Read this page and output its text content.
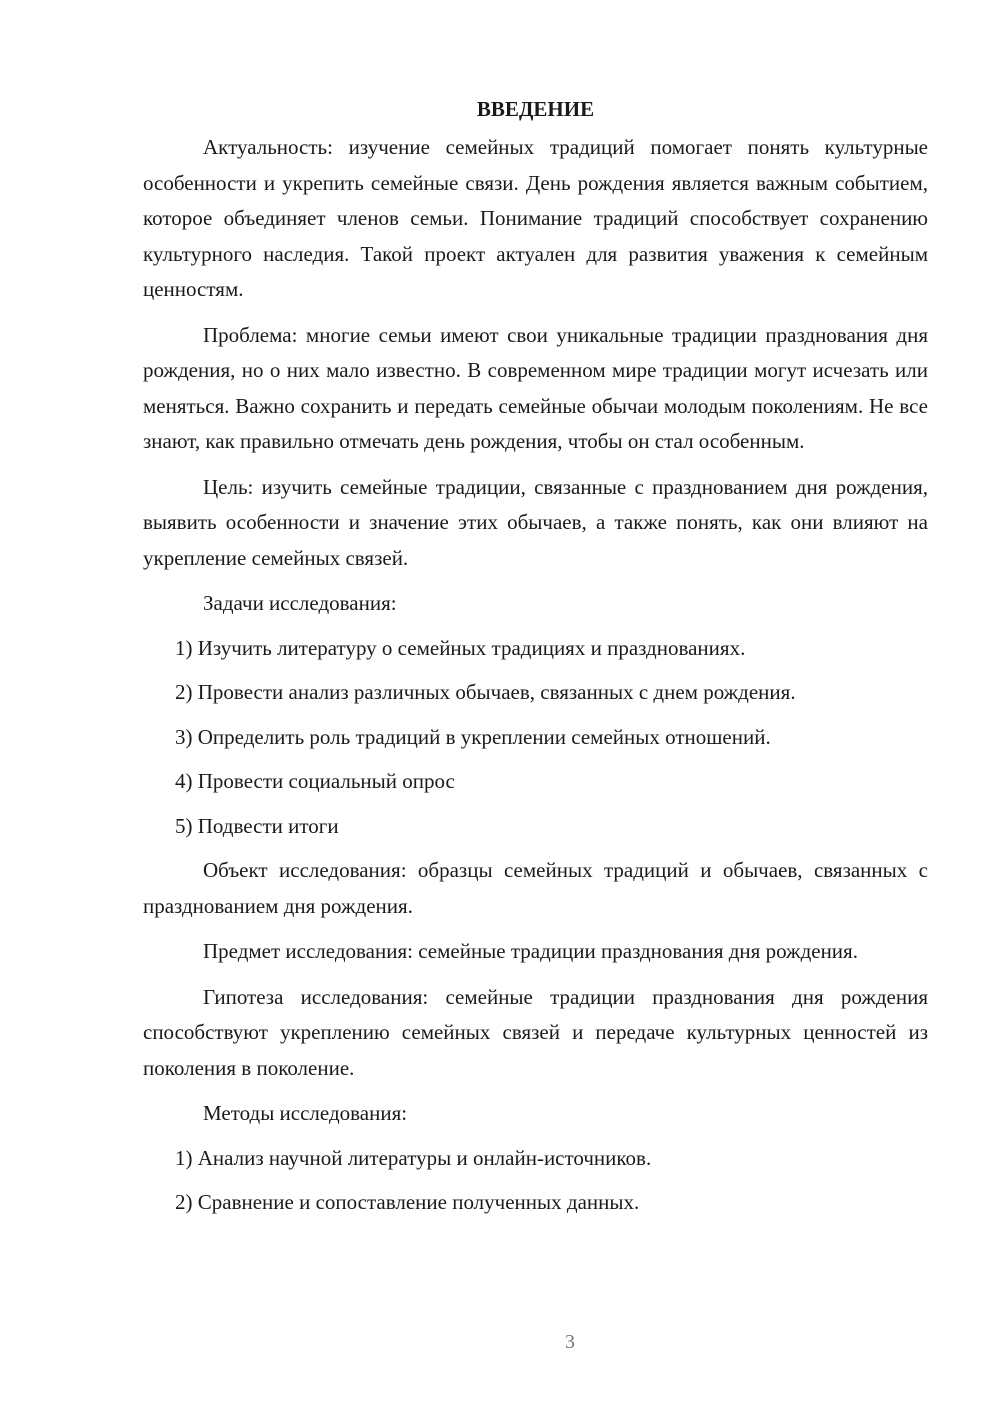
ВВЕДЕНИЕ

Актуальность: изучение семейных традиций помогает понять культурные особенности и укрепить семейные связи. День рождения является важным событием, которое объединяет членов семьи. Понимание традиций способствует сохранению культурного наследия. Такой проект актуален для развития уважения к семейным ценностям.

Проблема: многие семьи имеют свои уникальные традиции празднования дня рождения, но о них мало известно. В современном мире традиции могут исчезать или меняться. Важно сохранить и передать семейные обычаи молодым поколениям. Не все знают, как правильно отмечать день рождения, чтобы он стал особенным.

Цель: изучить семейные традиции, связанные с празднованием дня рождения, выявить особенности и значение этих обычаев, а также понять, как они влияют на укрепление семейных связей.

Задачи исследования:
1) Изучить литературу о семейных традициях и празднованиях.
2) Провести анализ различных обычаев, связанных с днем рождения.
3) Определить роль традиций в укреплении семейных отношений.
4) Провести социальный опрос
5) Подвести итоги

Объект исследования: образцы семейных традиций и обычаев, связанных с празднованием дня рождения.

Предмет исследования: семейные традиции празднования дня рождения.

Гипотеза исследования: семейные традиции празднования дня рождения способствуют укреплению семейных связей и передаче культурных ценностей из поколения в поколение.

Методы исследования:
1) Анализ научной литературы и онлайн-источников.
2) Сравнение и сопоставление полученных данных.
3
